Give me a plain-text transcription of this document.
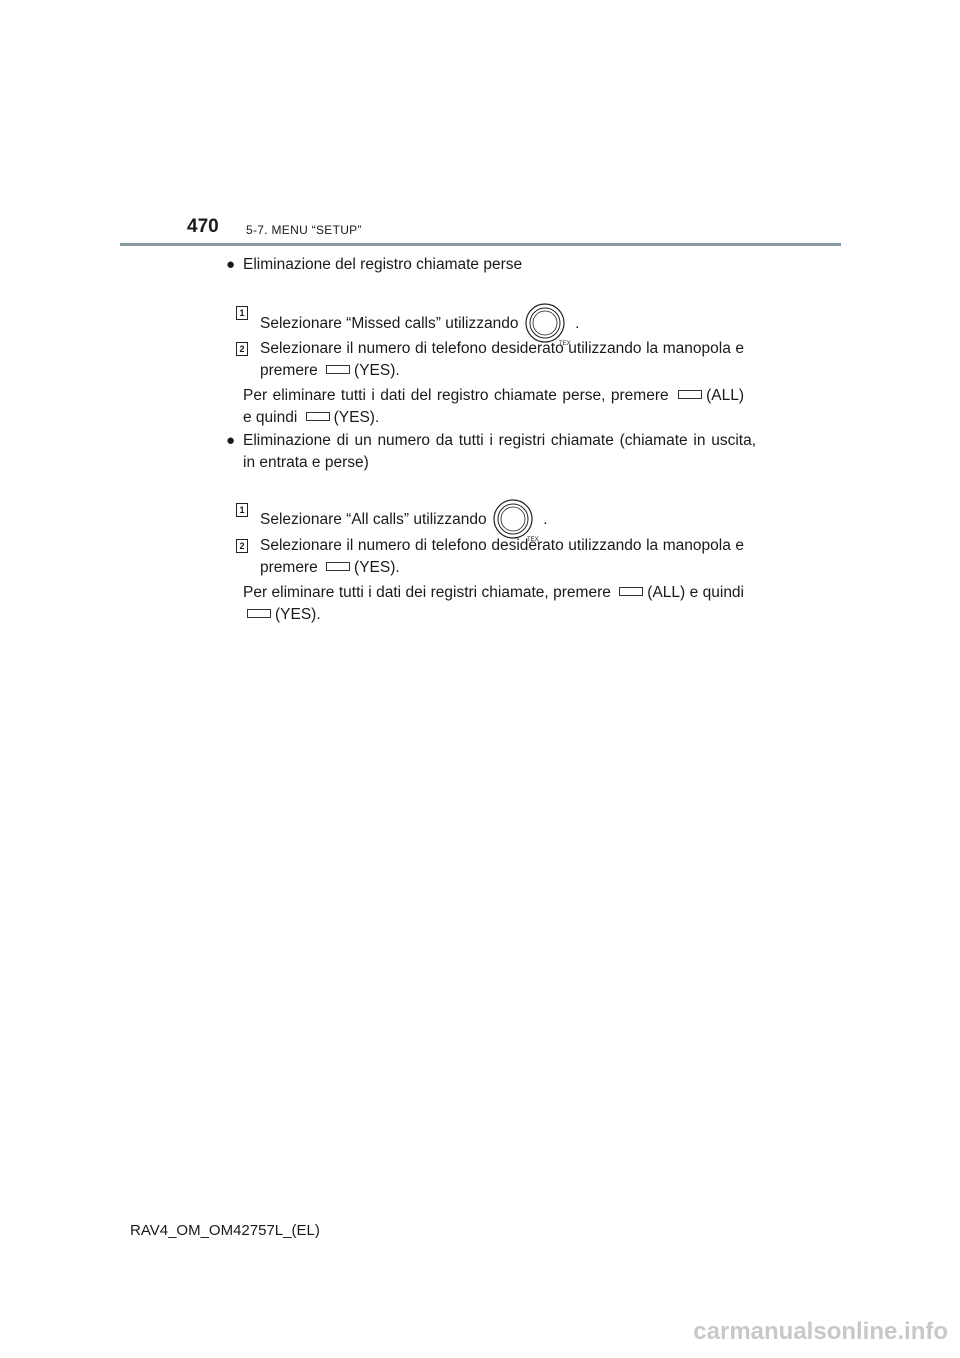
470 5-7. MENU “SETUP”
● Eliminazione del registro chiamate perse
1
Selezionare “Missed calls” utilizzando
TEX
.
2 Selezionare il numero di telefono desiderato utilizzando la manopola e premere (YES).
Per eliminare tutti i dati del registro chiamate perse, premere (ALL) e quindi (YES).
● Eliminazione di un numero da tutti i registri chiamate (chiamate in uscita, in entrata e perse)
1
Selezionare “All calls” utilizzando
TEX
.
2 Selezionare il numero di telefono desiderato utilizzando la manopola e premere (YES).
Per eliminare tutti i dati dei registri chiamate, premere (ALL) e quindi (YES).
RAV4_OM_OM42757L_(EL)
carmanualsonline.info
